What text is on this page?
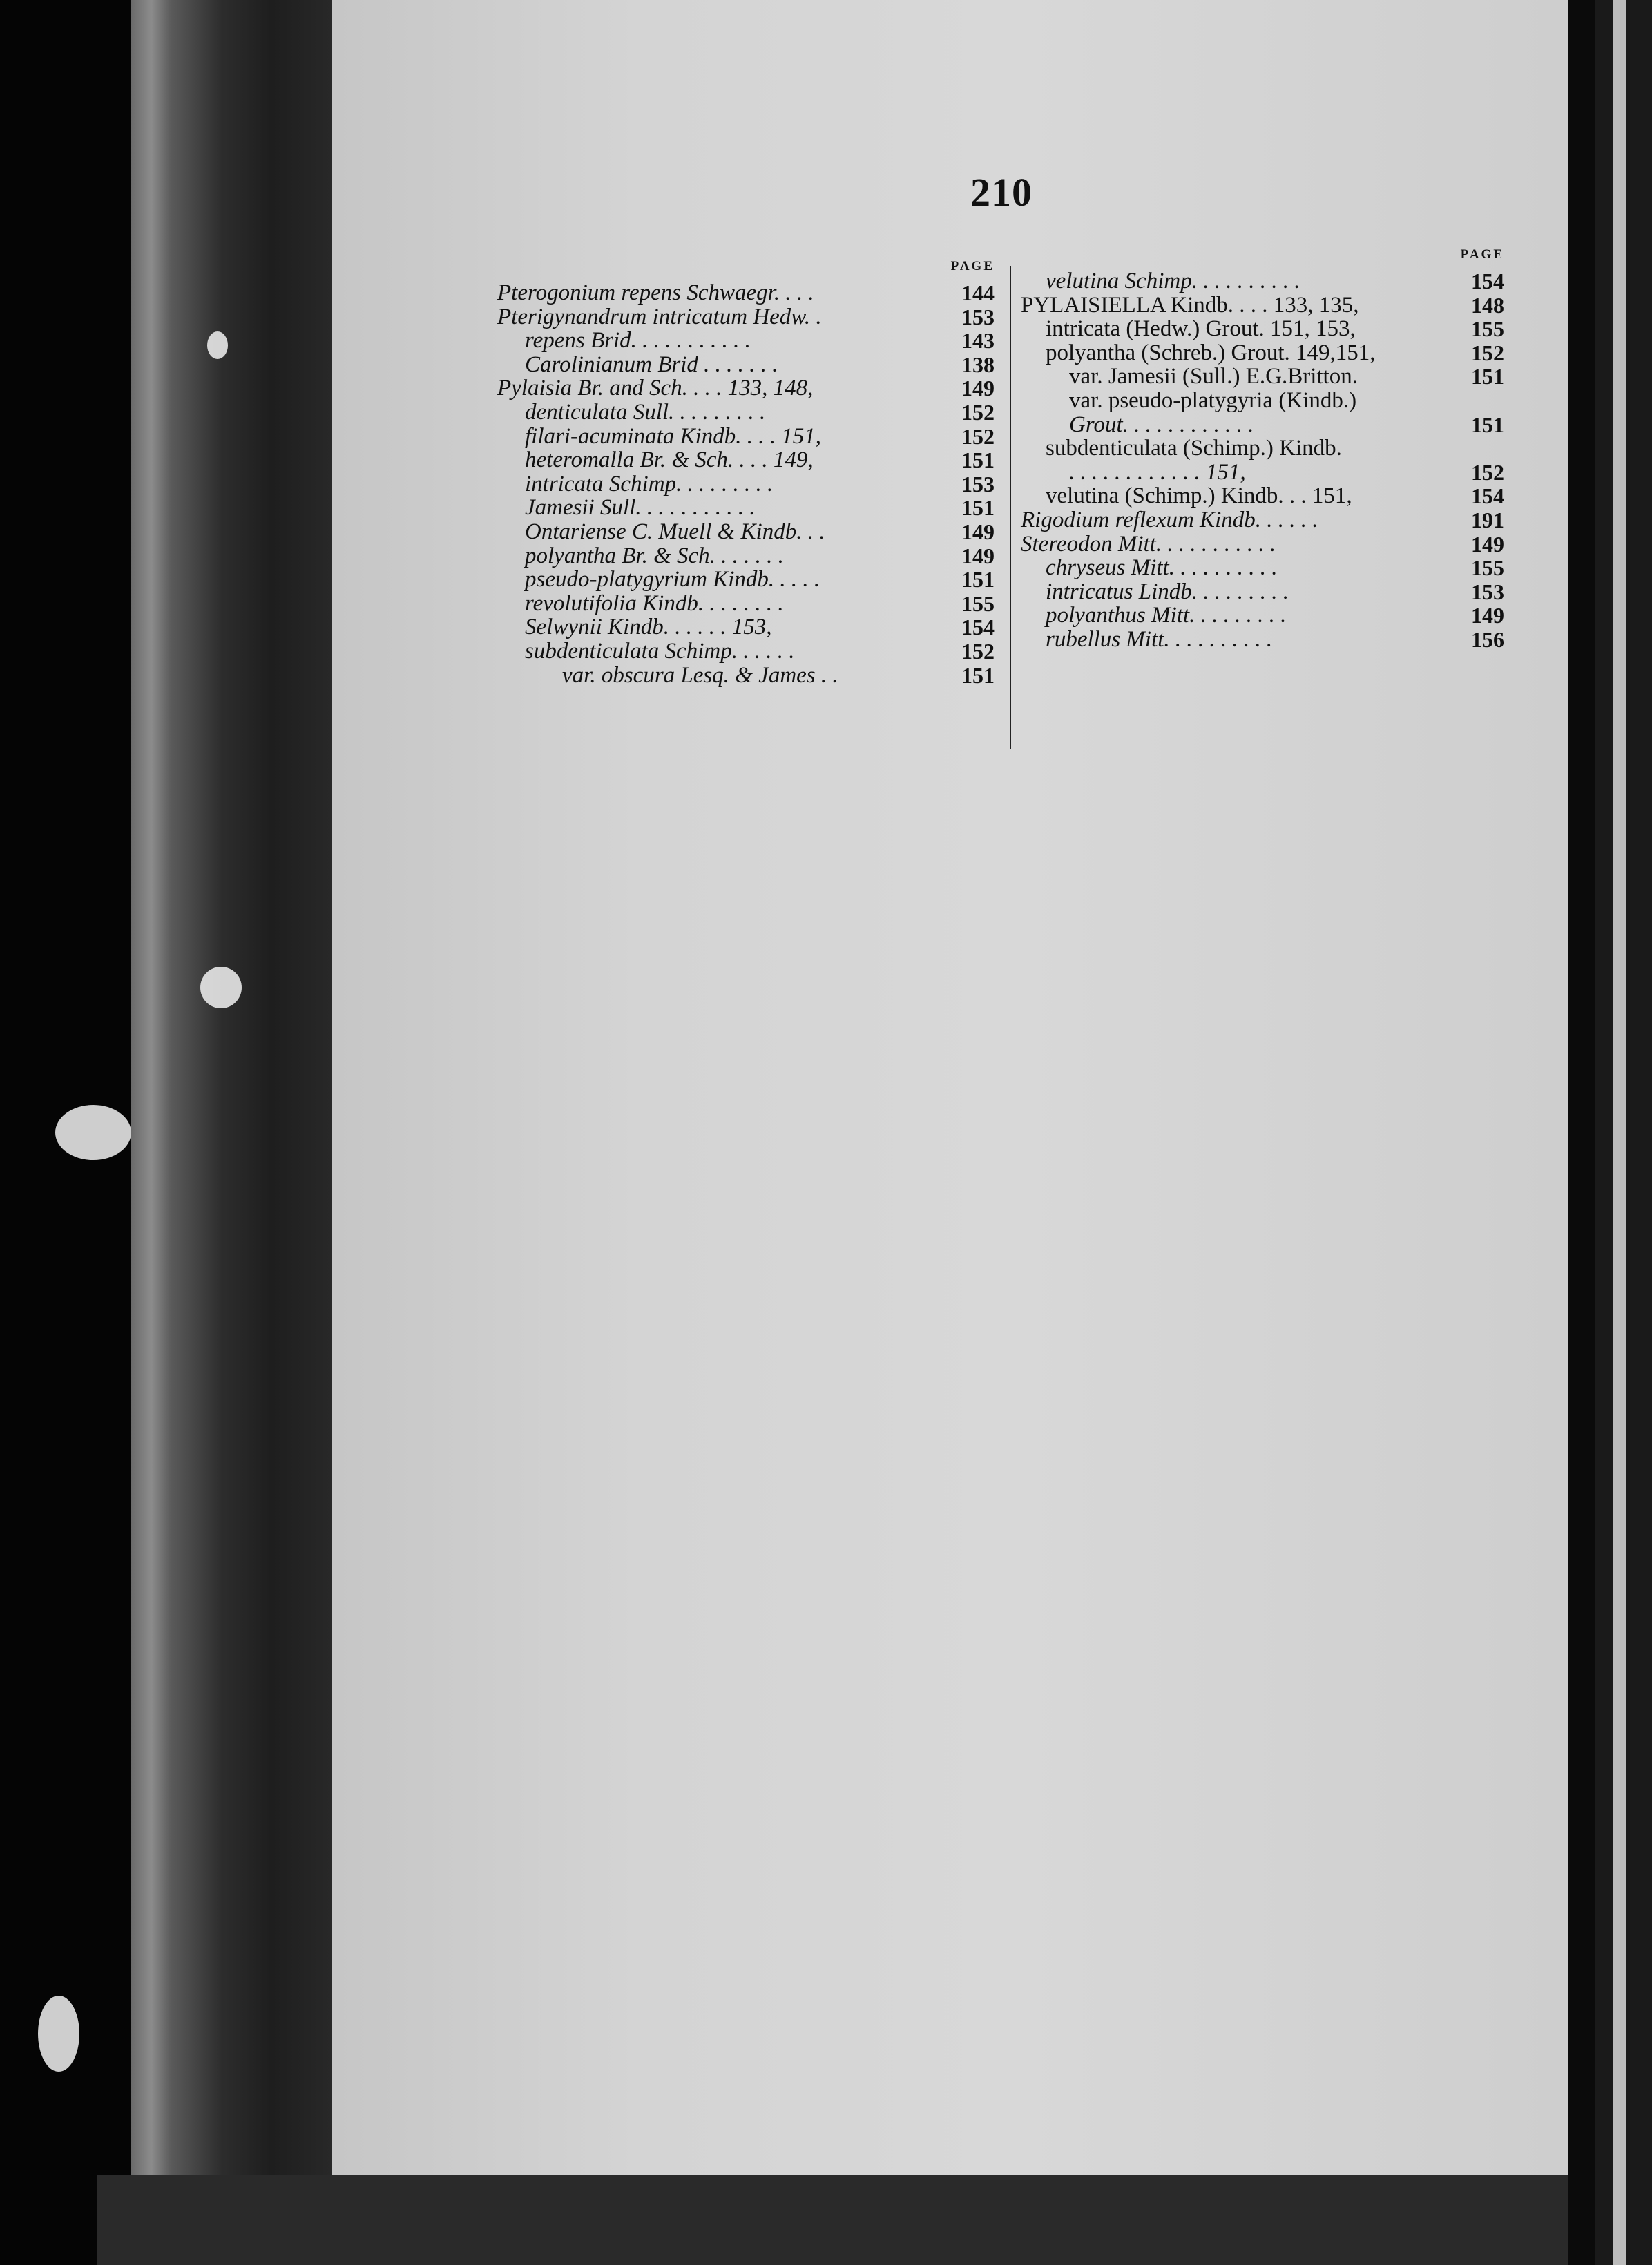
210
PAGE
Pterogonium repens Schwaegr. . . .	144
Pterigynandrum intricatum Hedw. .	153
repens Brid. . . . . . . . . . .	143
Carolinianum Brid . . . . . . .	138
Pylaisia Br. and Sch. . . . 133, 148,	149
denticulata Sull. . . . . . . . .	152
filari-acuminata Kindb. . . . 151,	152
heteromalla Br. & Sch. . . . 149,	151
intricata Schimp. . . . . . . . .	153
Jamesii Sull. . . . . . . . . . .	151
Ontariense C. Muell & Kindb. . .	149
polyantha Br. & Sch. . . . . . .	149
pseudo-platygyrium Kindb. . . . .	151
revolutifolia Kindb. . . . . . . .	155
Selwynii Kindb. . . . . . 153,	154
subdenticulata Schimp. . . . . .	152
var. obscura Lesq. & James . .	151
PAGE
velutina Schimp. . . . . . . . . .	154
PYLAISIELLA Kindb. . . . 133, 135,	148
intricata (Hedw.) Grout. 151, 153,	155
polyantha (Schreb.) Grout. 149,151,	152
var. Jamesii (Sull.) E.G.Britton.	151
var. pseudo-platygyria (Kindb.)
Grout. . . . . . . . . . . .	151
subdenticulata (Schimp.) Kindb.
. . . . . . . . . . . . 151,	152
velutina (Schimp.) Kindb. . . 151,	154
Rigodium reflexum Kindb. . . . . .	191
Stereodon Mitt. . . . . . . . . . .	149
chryseus Mitt. . . . . . . . . .	155
intricatus Lindb. . . . . . . . .	153
polyanthus Mitt. . . . . . . . .	149
rubellus Mitt. . . . . . . . . .	156
